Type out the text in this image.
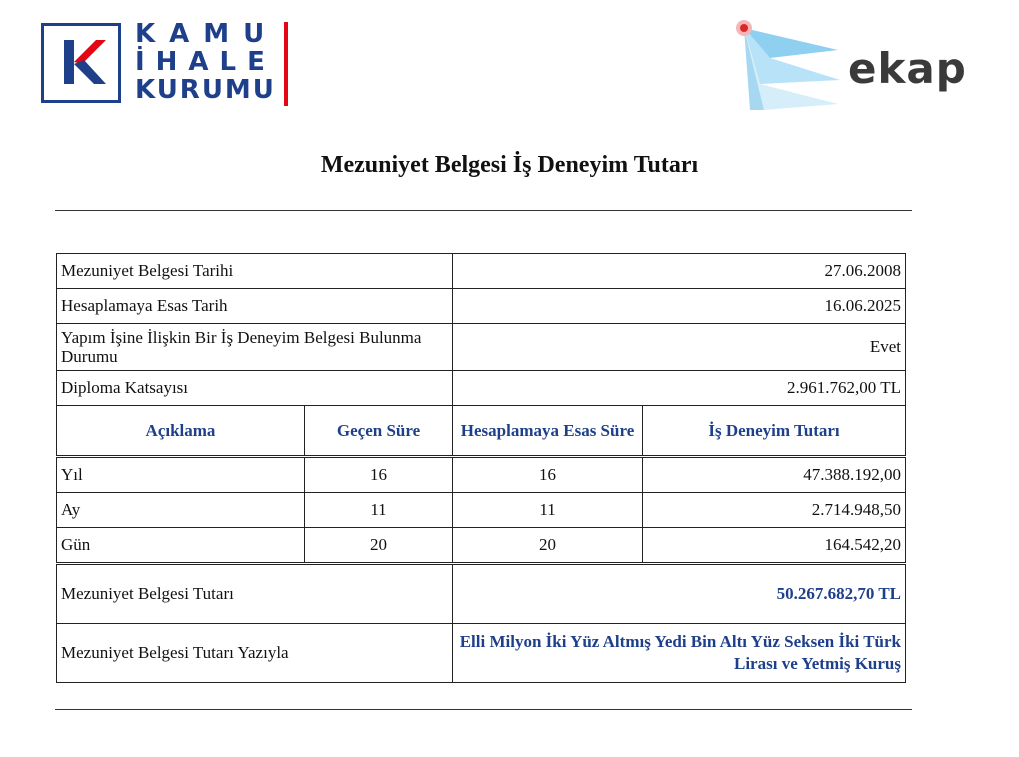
KAMU
İHALE
KURUMU	ekap
Mezuniyet Belgesi İş Deneyim Tutarı
Mezuniyet Belgesi Tarihi		27.06.2008	
Hesaplamaya Esas Tarih		16.06.2025	
Yapım İşine İlişkin Bir İş Deneyim Belgesi Bulunma Durumu		Evet	
Diploma Katsayısı		2.961.762,00 TL	
Açıklama	Geçen Süre	Hesaplamaya Esas Süre	İş Deneyim Tutarı
Yıl	16	16	47.388.192,00
Ay	11	11	2.714.948,50
Gün	20	20	164.542,20
Mezuniyet Belgesi Tutarı		50.267.682,70 TL	
Mezuniyet Belgesi Tutarı Yazıyla		Elli Milyon İki Yüz Altmış Yedi Bin Altı Yüz Seksen İki Türk Lirası ve Yetmiş Kuruş	
